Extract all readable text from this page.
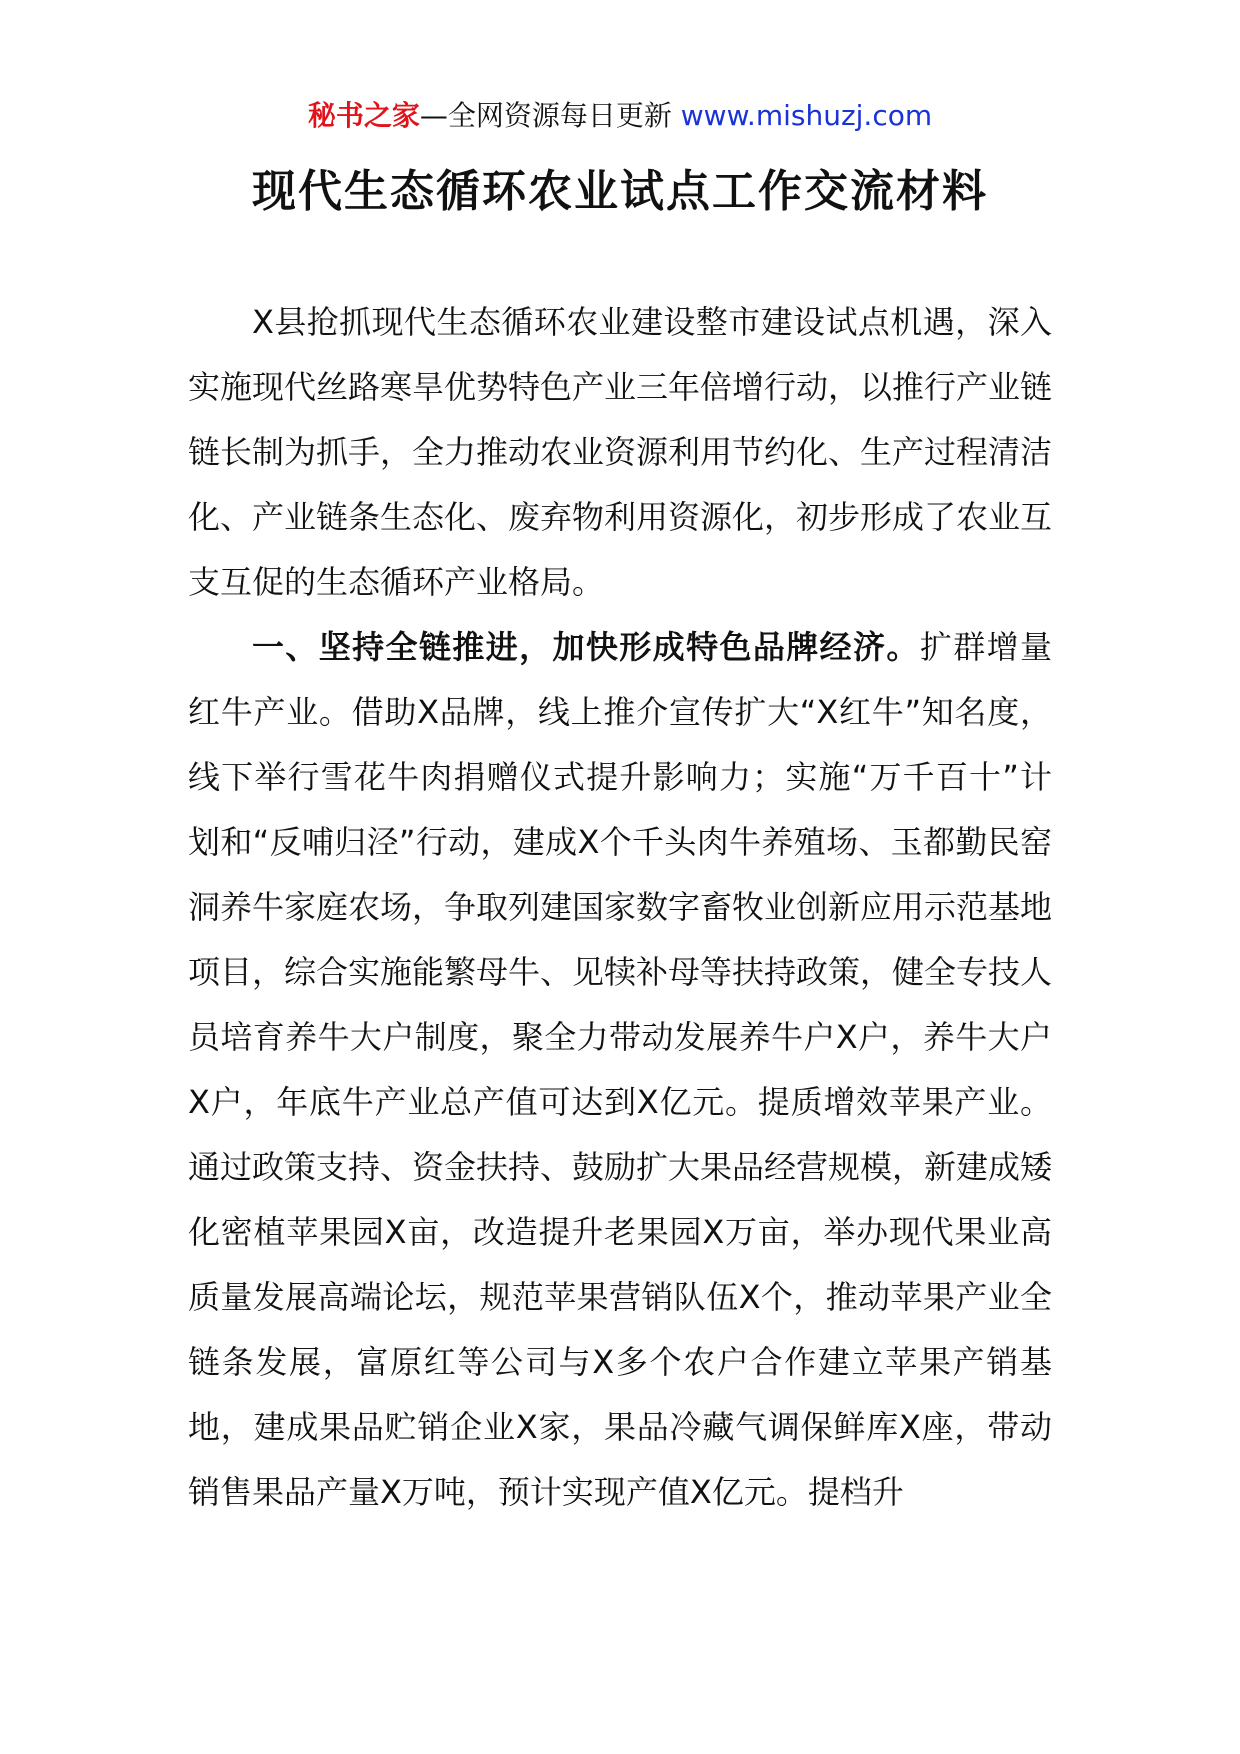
秘书之家—全网资源每日更新 www.mishuzj.com
现代生态循环农业试点工作交流材料

X县抢抓现代生态循环农业建设整市建设试点机遇，深入实施现代丝路寒旱优势特色产业三年倍增行动，以推行产业链链长制为抓手，全力推动农业资源利用节约化、生产过程清洁化、产业链条生态化、废弃物利用资源化，初步形成了农业互支互促的生态循环产业格局。

一、坚持全链推进，加快形成特色品牌经济。扩群增量红牛产业。借助X品牌，线上推介宣传扩大“X红牛”知名度，线下举行雪花牛肉捐赠仪式提升影响力；实施“万千百十”计划和“反哺归泾”行动，建成X个千头肉牛养殖场、玉都勤民窑洞养牛家庭农场，争取列建国家数字畜牧业创新应用示范基地项目，综合实施能繁母牛、见犊补母等扶持政策，健全专技人员培育养牛大户制度，聚全力带动发展养牛户X户，养牛大户X户，年底牛产业总产值可达到X亿元。提质增效苹果产业。通过政策支持、资金扶持、鼓励扩大果品经营规模，新建成矮化密植苹果园X亩，改造提升老果园X万亩，举办现代果业高质量发展高端论坛，规范苹果营销队伍X个，推动苹果产业全链条发展，富原红等公司与X多个农户合作建立苹果产销基地，建成果品贮销企业X家，果品冷藏气调保鲜库X座，带动销售果品产量X万吨，预计实现产值X亿元。提档升
